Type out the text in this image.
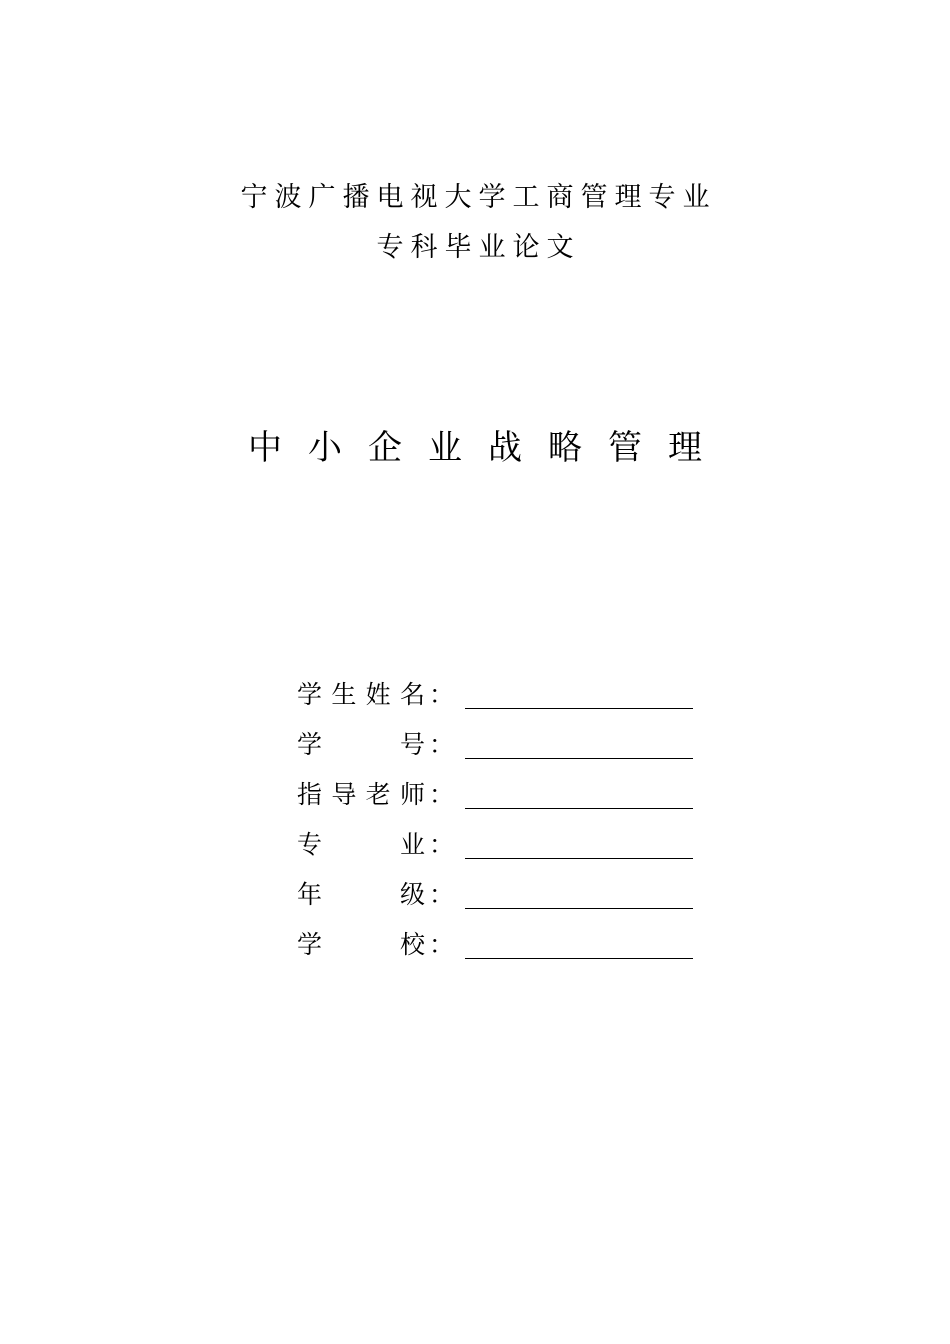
宁波广播电视大学工商管理专业
专科毕业论文
中小企业战略管理
学 生 姓 名 ：
学	号 ：
指 导 老 师 ：
专	业 ：
年	级 ：
学	校 ：
